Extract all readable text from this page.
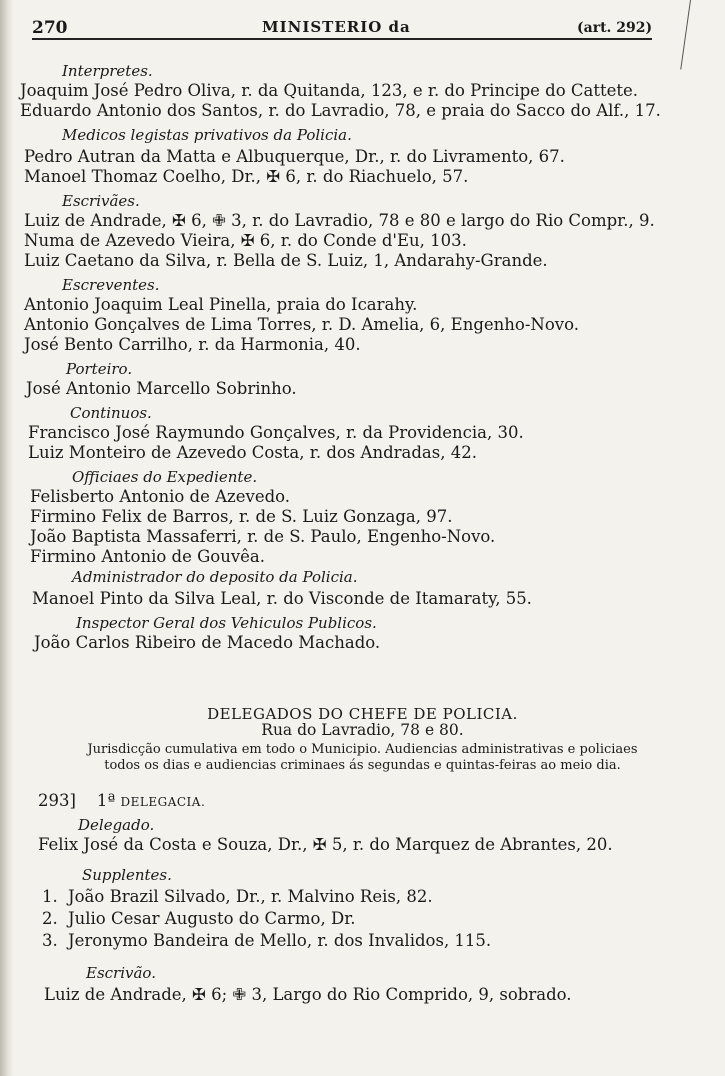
270	MINISTERIO da	(art. 292)
Interpretes.
Joaquim José Pedro Oliva, r. da Quitanda, 123, e r. do Principe do Cattete.
Eduardo Antonio dos Santos, r. do Lavradio, 78, e praia do Sacco do Alf., 17.
Medicos legistas privativos da Policia.
Pedro Autran da Matta e Albuquerque, Dr., r. do Livramento, 67.
Manoel Thomaz Coelho, Dr., ✠ 6, r. do Riachuelo, 57.
Escrivães.
Luiz de Andrade, ✠ 6, ✙ 3, r. do Lavradio, 78 e 80 e largo do Rio Compr., 9.
Numa de Azevedo Vieira, ✠ 6, r. do Conde d'Eu, 103.
Luiz Caetano da Silva, r. Bella de S. Luiz, 1, Andarahy-Grande.
Escreventes.
Antonio Joaquim Leal Pinella, praia do Icarahy.
Antonio Gonçalves de Lima Torres, r. D. Amelia, 6, Engenho-Novo.
José Bento Carrilho, r. da Harmonia, 40.
Porteiro.
José Antonio Marcello Sobrinho.
Continuos.
Francisco José Raymundo Gonçalves, r. da Providencia, 30.
Luiz Monteiro de Azevedo Costa, r. dos Andradas, 42.
Officiaes do Expediente.
Felisberto Antonio de Azevedo.
Firmino Felix de Barros, r. de S. Luiz Gonzaga, 97.
João Baptista Massaferri, r. de S. Paulo, Engenho-Novo.
Firmino Antonio de Gouvêa.
Administrador do deposito da Policia.
Manoel Pinto da Silva Leal, r. do Visconde de Itamaraty, 55.
Inspector Geral dos Vehiculos Publicos.
João Carlos Ribeiro de Macedo Machado.
DELEGADOS DO CHEFE DE POLICIA.
Rua do Lavradio, 78 e 80.
Jurisdicção cumulativa em todo o Municipio. Audiencias administrativas e policiaes
todos os dias e audiencias criminaes ás segundas e quintas-feiras ao meio dia.
293] 1ª DELEGACIA.
Delegado.
Felix José da Costa e Souza, Dr., ✠ 5, r. do Marquez de Abrantes, 20.
Supplentes.
1. João Brazil Silvado, Dr., r. Malvino Reis, 82.
2. Julio Cesar Augusto do Carmo, Dr.
3. Jeronymo Bandeira de Mello, r. dos Invalidos, 115.
Escrivão.
Luiz de Andrade, ✠ 6; ✙ 3, Largo do Rio Comprido, 9, sobrado.
